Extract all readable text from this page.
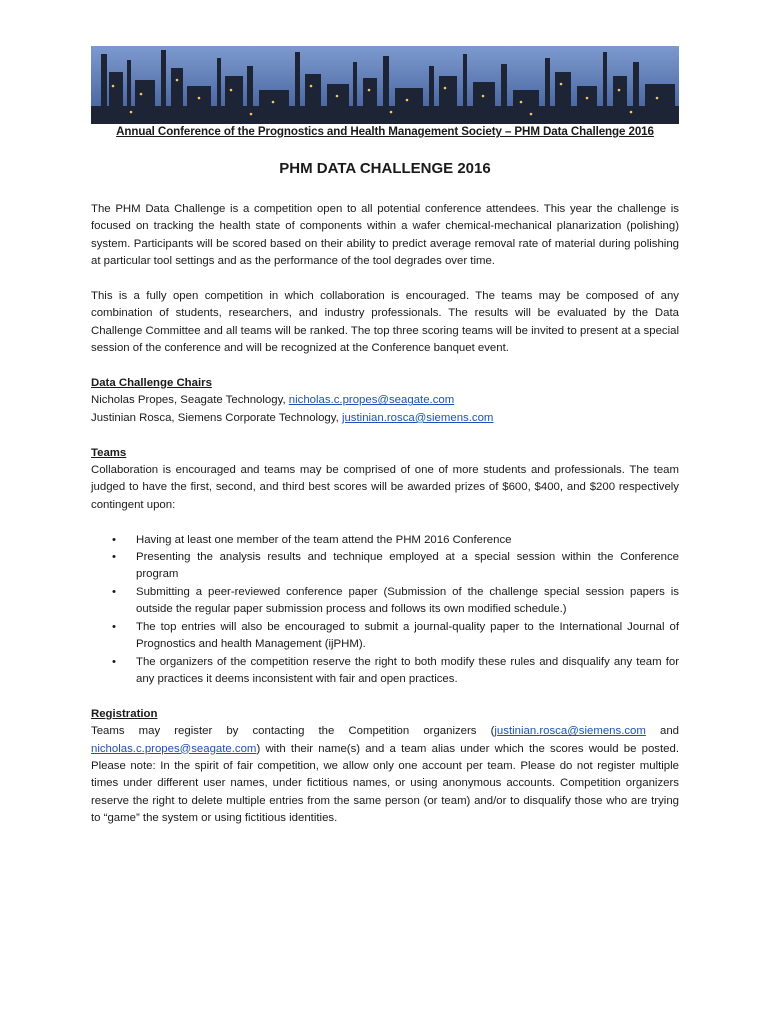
Annual Conference of the Prognostics and Health Management Society – PHM Data Challenge 2016
PHM DATA CHALLENGE 2016

The PHM Data Challenge is a competition open to all potential conference attendees. This year the challenge is focused on tracking the health state of components within a wafer chemical-mechanical planarization (polishing) system. Participants will be scored based on their ability to predict average removal rate of material during polishing at particular tool settings and as the performance of the tool degrades over time.

This is a fully open competition in which collaboration is encouraged. The teams may be composed of any combination of students, researchers, and industry professionals. The results will be evaluated by the Data Challenge Committee and all teams will be ranked. The top three scoring teams will be invited to present at a special session of the conference and will be recognized at the Conference banquet event.

Data Challenge Chairs

Nicholas Propes, Seagate Technology, nicholas.c.propes@seagate.com

Justinian Rosca, Siemens Corporate Technology, justinian.rosca@siemens.com

Teams

Collaboration is encouraged and teams may be comprised of one of more students and professionals. The team judged to have the first, second, and third best scores will be awarded prizes of $600, $400, and $200 respectively contingent upon:

• Having at least one member of the team attend the PHM 2016 Conference
• Presenting the analysis results and technique employed at a special session within the Conference program
• Submitting a peer-reviewed conference paper (Submission of the challenge special session papers is outside the regular paper submission process and follows its own modified schedule.)
• The top entries will also be encouraged to submit a journal-quality paper to the International Journal of Prognostics and health Management (ijPHM).
• The organizers of the competition reserve the right to both modify these rules and disqualify any team for any practices it deems inconsistent with fair and open practices.

Registration

Teams may register by contacting the Competition organizers (justinian.rosca@siemens.com and nicholas.c.propes@seagate.com) with their name(s) and a team alias under which the scores would be posted. Please note: In the spirit of fair competition, we allow only one account per team. Please do not register multiple times under different user names, under fictitious names, or using anonymous accounts. Competition organizers reserve the right to delete multiple entries from the same person (or team) and/or to disqualify those who are trying to “game” the system or using fictitious identities.
